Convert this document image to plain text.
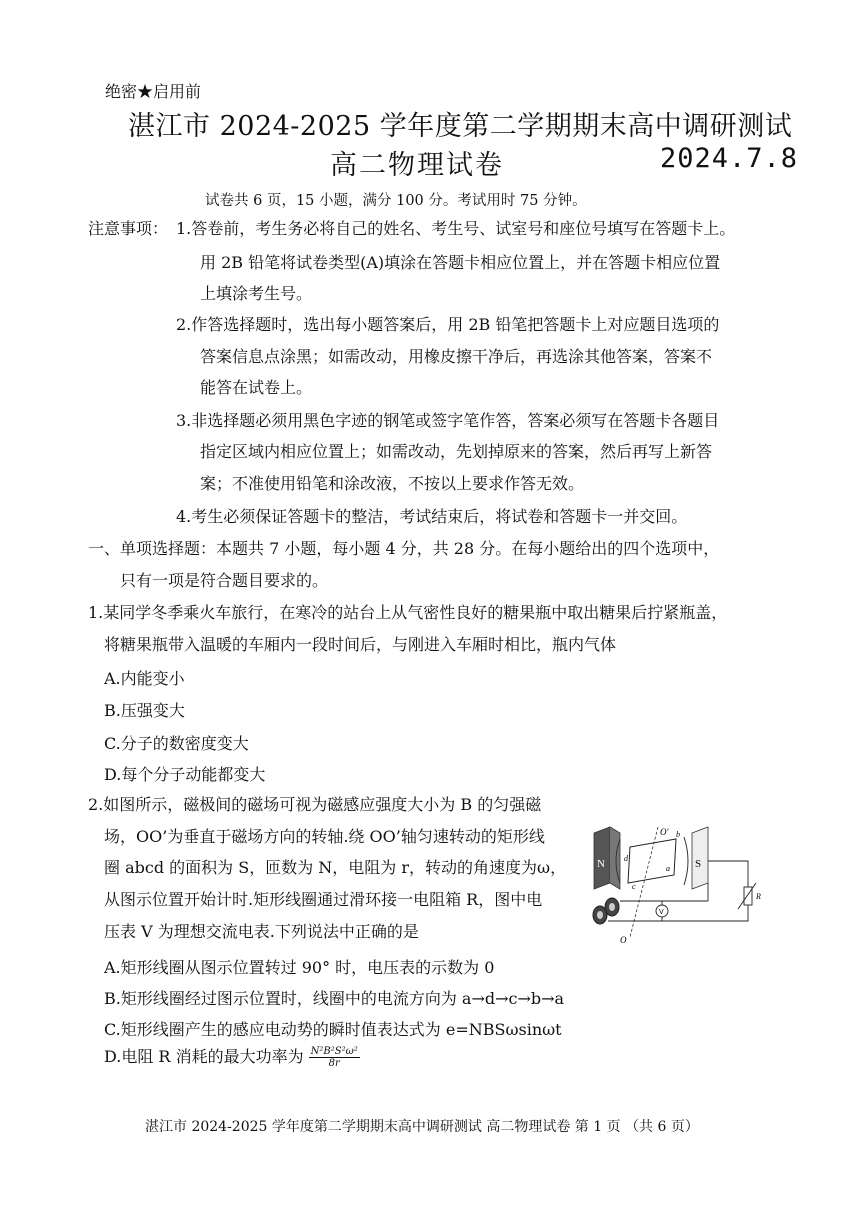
绝密★启用前
湛江市 2024-2025 学年度第二学期期末高中调研测试
高二物理试卷	2024.7.8
试卷共 6 页，15 小题，满分 100 分。考试用时 75 分钟。
注意事项： 1.答卷前，考生务必将自己的姓名、考生号、试室号和座位号填写在答题卡上。
用 2B 铅笔将试卷类型(A)填涂在答题卡相应位置上，并在答题卡相应位置
上填涂考生号。
2.作答选择题时，选出每小题答案后，用 2B 铅笔把答题卡上对应题目选项的
答案信息点涂黑；如需改动，用橡皮擦干净后，再选涂其他答案，答案不
能答在试卷上。
3.非选择题必须用黑色字迹的钢笔或签字笔作答，答案必须写在答题卡各题目
指定区域内相应位置上；如需改动，先划掉原来的答案，然后再写上新答
案；不准使用铅笔和涂改液，不按以上要求作答无效。
4.考生必须保证答题卡的整洁，考试结束后，将试卷和答题卡一并交回。
一、单项选择题：本题共 7 小题，每小题 4 分，共 28 分。在每小题给出的四个选项中，
只有一项是符合题目要求的。
1.某同学冬季乘火车旅行，在寒冷的站台上从气密性良好的糖果瓶中取出糖果后拧紧瓶盖，
将糖果瓶带入温暖的车厢内一段时间后，与刚进入车厢时相比，瓶内气体
A.内能变小
B.压强变大
C.分子的数密度变大
D.每个分子动能都变大
2.如图所示，磁极间的磁场可视为磁感应强度大小为 B 的匀强磁
场，OO’为垂直于磁场方向的转轴.绕 OO’轴匀速转动的矩形线
圈 abcd 的面积为 S，匝数为 N，电阻为 r，转动的角速度为ω，
从图示位置开始计时.矩形线圈通过滑环接一电阻箱 R，图中电
压表 V 为理想交流电表.下列说法中正确的是
A.矩形线圈从图示位置转过 90° 时，电压表的示数为 0
B.矩形线圈经过图示位置时，线圈中的电流方向为 a→d→c→b→a
C.矩形线圈产生的感应电动势的瞬时值表达式为 e=NBSωsinωt
D.电阻 R 消耗的最大功率为 $\frac{\text{N²B²S²ω²}}{8r}$
N	S
O'
O
d
c
b
a
V
R
湛江市 2024-2025 学年度第二学期期末高中调研测试 高二物理试卷 第 1 页 （共 6 页）
